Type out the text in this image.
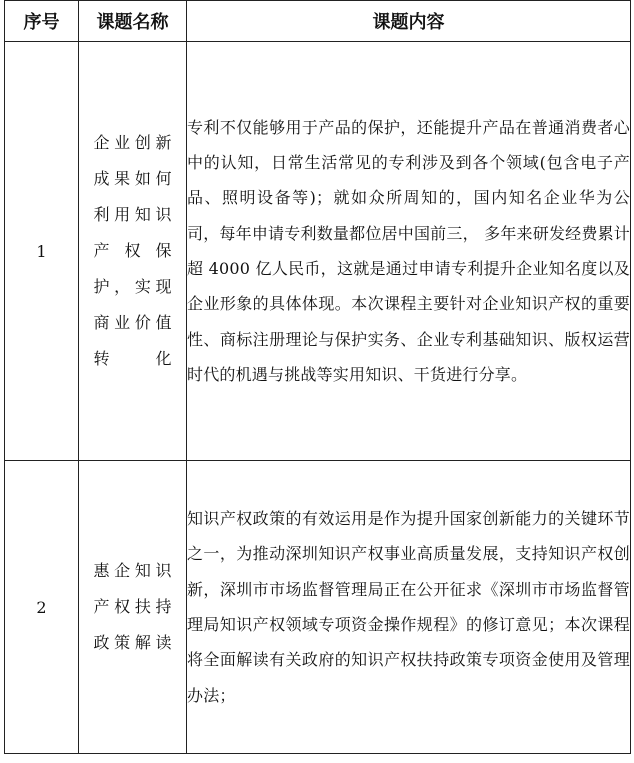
序号	课题名称	课题内容
1	企业创新成果如何利用知识产权保护，实现商业价值转化	专利不仅能够用于产品的保护，还能提升产品在普通消费者心中的认知，日常生活常见的专利涉及到各个领域(包含电子产品、照明设备等)；就如众所周知的，国内知名企业华为公司，每年申请专利数量都位居中国前三， 多年来研发经费累计超 4000 亿人民币，这就是通过申请专利提升企业知名度以及企业形象的具体体现。本次课程主要针对企业知识产权的重要性、商标注册理论与保护实务、企业专利基础知识、版权运营时代的机遇与挑战等实用知识、干货进行分享。
2	惠企知识产权扶持政策解读	知识产权政策的有效运用是作为提升国家创新能力的关键环节之一，为推动深圳知识产权事业高质量发展，支持知识产权创新，深圳市市场监督管理局正在公开征求《深圳市市场监督管理局知识产权领域专项资金操作规程》的修订意见；本次课程将全面解读有关政府的知识产权扶持政策专项资金使用及管理办法；
